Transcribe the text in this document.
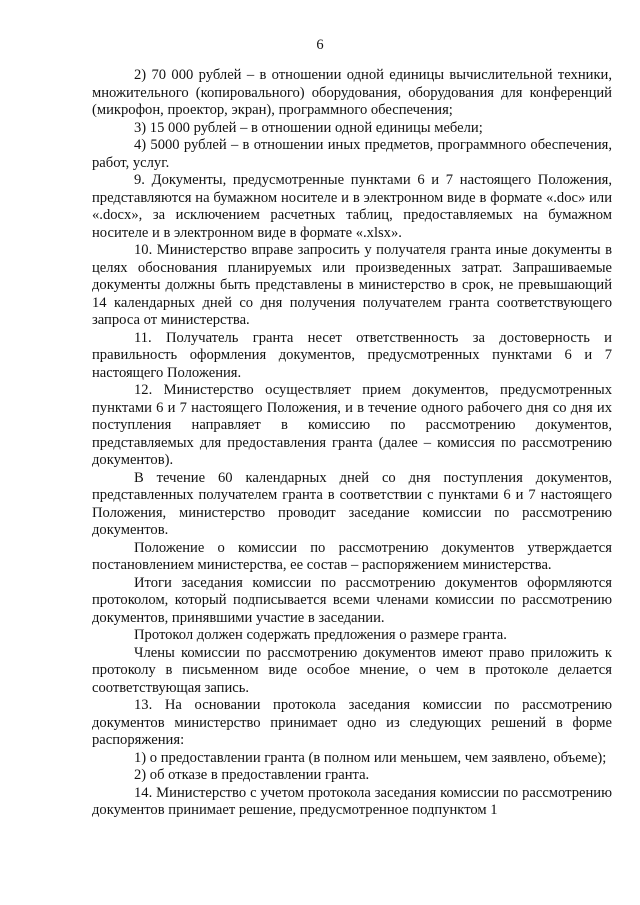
6

2) 70 000 рублей – в отношении одной единицы вычислительной техники, множительного (копировального) оборудования, оборудования для конференций (микрофон, проектор, экран), программного обеспечения;

3) 15 000 рублей – в отношении одной единицы мебели;

4) 5000 рублей – в отношении иных предметов, программного обеспечения, работ, услуг.

9. Документы, предусмотренные пунктами 6 и 7 настоящего Положения, представляются на бумажном носителе и в электронном виде в формате «.doc» или «.docx», за исключением расчетных таблиц, предоставляемых на бумажном носителе и в электронном виде в формате «.xlsx».

10. Министерство вправе запросить у получателя гранта иные документы в целях обоснования планируемых или произведенных затрат. Запрашиваемые документы должны быть представлены в министерство в срок, не превышающий 14 календарных дней со дня получения получателем гранта соответствующего запроса от министерства.

11. Получатель гранта несет ответственность за достоверность и правильность оформления документов, предусмотренных пунктами 6 и 7 настоящего Положения.

12. Министерство осуществляет прием документов, предусмотренных пунктами 6 и 7 настоящего Положения, и в течение одного рабочего дня со дня их поступления направляет в комиссию по рассмотрению документов, представляемых для предоставления гранта (далее – комиссия по рассмотрению документов).

В течение 60 календарных дней со дня поступления документов, представленных получателем гранта в соответствии с пунктами 6 и 7 настоящего Положения, министерство проводит заседание комиссии по рассмотрению документов.

Положение о комиссии по рассмотрению документов утверждается постановлением министерства, ее состав – распоряжением министерства.

Итоги заседания комиссии по рассмотрению документов оформляются протоколом, который подписывается всеми членами комиссии по рассмотрению документов, принявшими участие в заседании.

Протокол должен содержать предложения о размере гранта.

Члены комиссии по рассмотрению документов имеют право приложить к протоколу в письменном виде особое мнение, о чем в протоколе делается соответствующая запись.

13. На основании протокола заседания комиссии по рассмотрению документов министерство принимает одно из следующих решений в форме распоряжения:

1) о предоставлении гранта (в полном или меньшем, чем заявлено, объеме);

2) об отказе в предоставлении гранта.

14. Министерство с учетом протокола заседания комиссии по рассмотрению документов принимает решение, предусмотренное подпунктом 1
